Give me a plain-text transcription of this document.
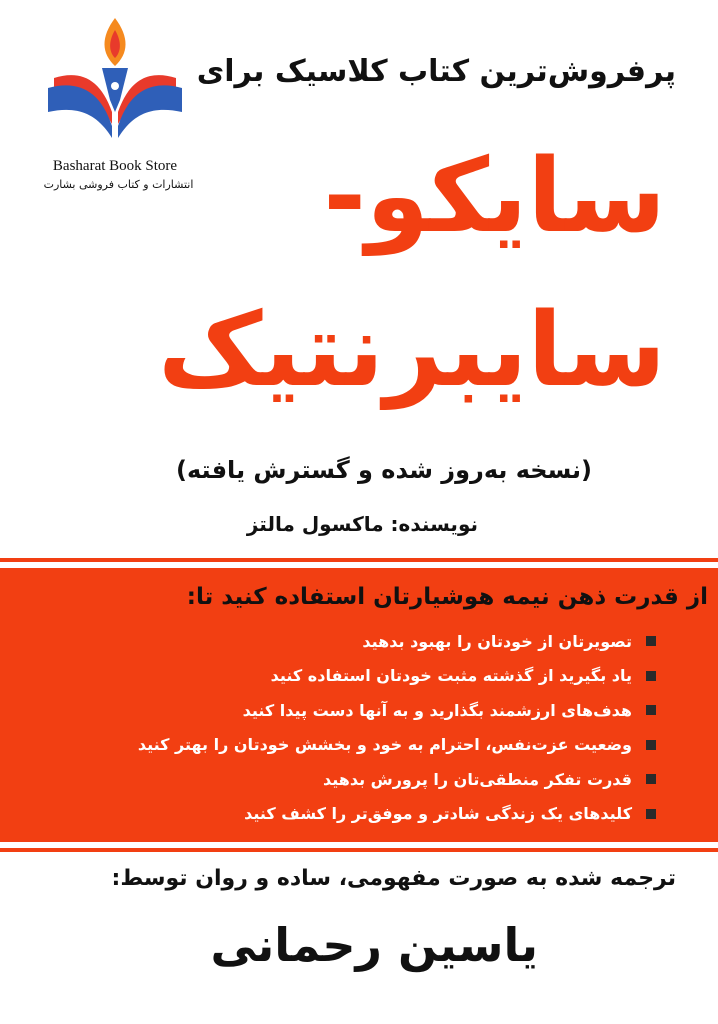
پرفروش‌ترین کتاب کلاسیک برای
Basharat Book Store
انتشارات و کتاب فروشی بشارت سایکو-
سایبرنتیک
(نسخه به‌روز شده و گسترش یافته)
نویسنده: ماکسول مالتز
از قدرت ذهن نیمه هوشیارتان استفاده کنید تا:
تصویرتان از خودتان را بهبود بدهید
یاد بگیرید از گذشته مثبت خودتان استفاده کنید
هدف‌های ارزشمند بگذارید و به آنها دست پیدا کنید
وضعیت عزت‌نفس، احترام به خود و بخشش خودتان را بهتر کنید
قدرت تفکر منطقی‌تان را پرورش بدهید
کلیدهای یک زندگی شادتر و موفق‌تر را کشف کنید
ترجمه شده به صورت مفهومی، ساده و روان توسط:
یاسین رحمانی
